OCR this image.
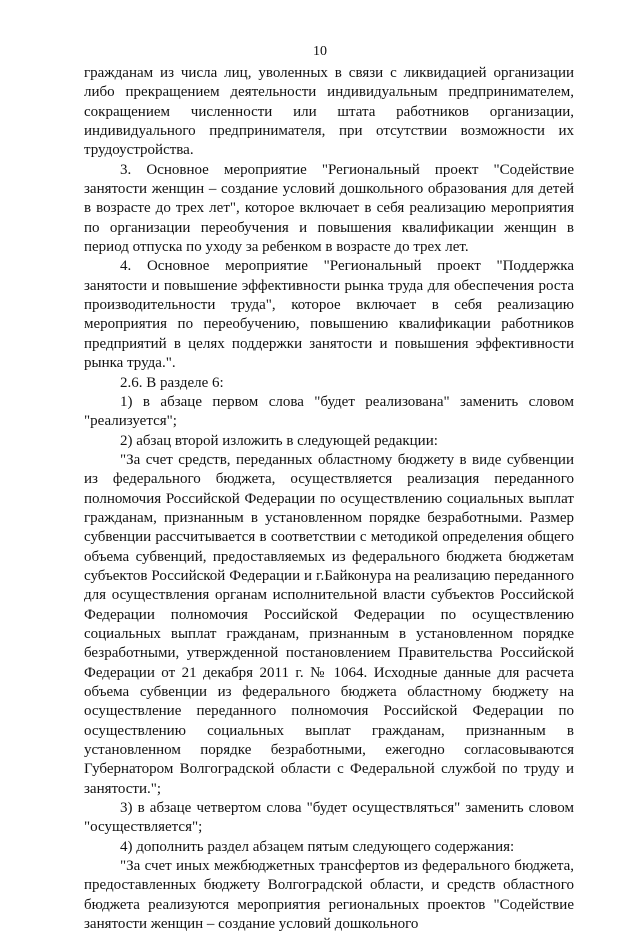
10

гражданам из числа лиц, уволенных в связи с ликвидацией организации либо прекращением деятельности индивидуальным предпринимателем, сокращением численности или штата работников организации, индивидуального предпринимателя, при отсутствии возможности их трудоустройства.

3. Основное мероприятие "Региональный проект "Содействие занятости женщин – создание условий дошкольного образования для детей в возрасте до трех лет", которое включает в себя реализацию мероприятия по организации переобучения и повышения квалификации женщин в период отпуска по уходу за ребенком в возрасте до трех лет.

4. Основное мероприятие "Региональный проект "Поддержка занятости и повышение эффективности рынка труда для обеспечения роста производительности труда", которое включает в себя реализацию мероприятия по переобучению, повышению квалификации работников предприятий в целях поддержки занятости и повышения эффективности рынка труда.".

2.6. В разделе 6:

1) в абзаце первом слова "будет реализована" заменить словом "реализуется";

2) абзац второй изложить в следующей редакции:

"За счет средств, переданных областному бюджету в виде субвенции из федерального бюджета, осуществляется реализация переданного полномочия Российской Федерации по осуществлению социальных выплат гражданам, признанным в установленном порядке безработными. Размер субвенции рассчитывается в соответствии с методикой определения общего объема субвенций, предоставляемых из федерального бюджета бюджетам субъектов Российской Федерации и г.Байконура на реализацию переданного для осуществления органам исполнительной власти субъектов Российской Федерации полномочия Российской Федерации по осуществлению социальных выплат гражданам, признанным в установленном порядке безработными, утвержденной постановлением Правительства Российской Федерации от 21 декабря 2011 г. № 1064. Исходные данные для расчета объема субвенции из федерального бюджета областному бюджету на осуществление переданного полномочия Российской Федерации по осуществлению социальных выплат гражданам, признанным в установленном порядке безработными, ежегодно согласовываются Губернатором Волгоградской области с Федеральной службой по труду и занятости.";

3) в абзаце четвертом слова "будет осуществляться" заменить словом "осуществляется";

4) дополнить раздел абзацем пятым следующего содержания:

"За счет иных межбюджетных трансфертов из федерального бюджета, предоставленных бюджету Волгоградской области, и средств областного бюджета реализуются мероприятия региональных проектов "Содействие занятости женщин – создание условий дошкольного
